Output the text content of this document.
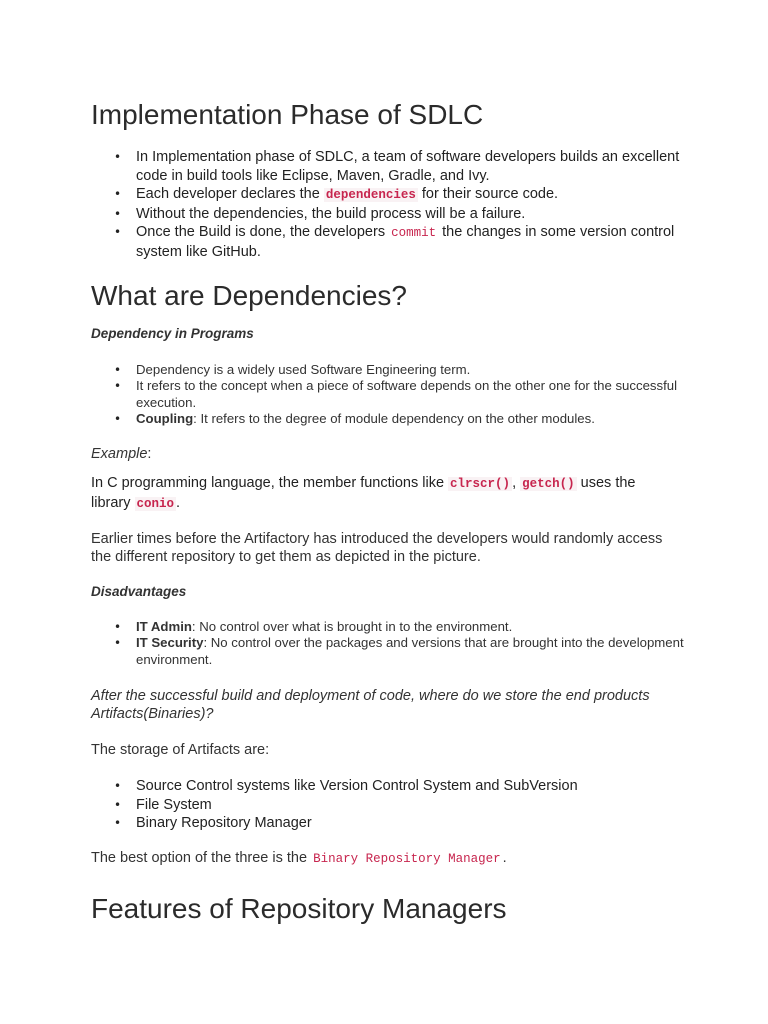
Implementation Phase of SDLC
• In Implementation phase of SDLC, a team of software developers builds an excellent code in build tools like Eclipse, Maven, Gradle, and Ivy.
• Each developer declares the dependencies for their source code.
• Without the dependencies, the build process will be a failure.
• Once the Build is done, the developers commit the changes in some version control system like GitHub.
What are Dependencies?

Dependency in Programs

• Dependency is a widely used Software Engineering term.
• It refers to the concept when a piece of software depends on the other one for the successful execution.
• Coupling: It refers to the degree of module dependency on the other modules.

Example:

In C programming language, the member functions like clrscr() , getch() uses the library conio .

Earlier times before the Artifactory has introduced the developers would randomly access the different repository to get them as depicted in the picture.

Disadvantages

• IT Admin: No control over what is brought in to the environment.
• IT Security: No control over the packages and versions that are brought into the development environment.

After the successful build and deployment of code, where do we store the end products Artifacts(Binaries)?

The storage of Artifacts are:

• Source Control systems like Version Control System and SubVersion
• File System
• Binary Repository Manager

The best option of the three is the Binary Repository Manager .

Features of Repository Managers
